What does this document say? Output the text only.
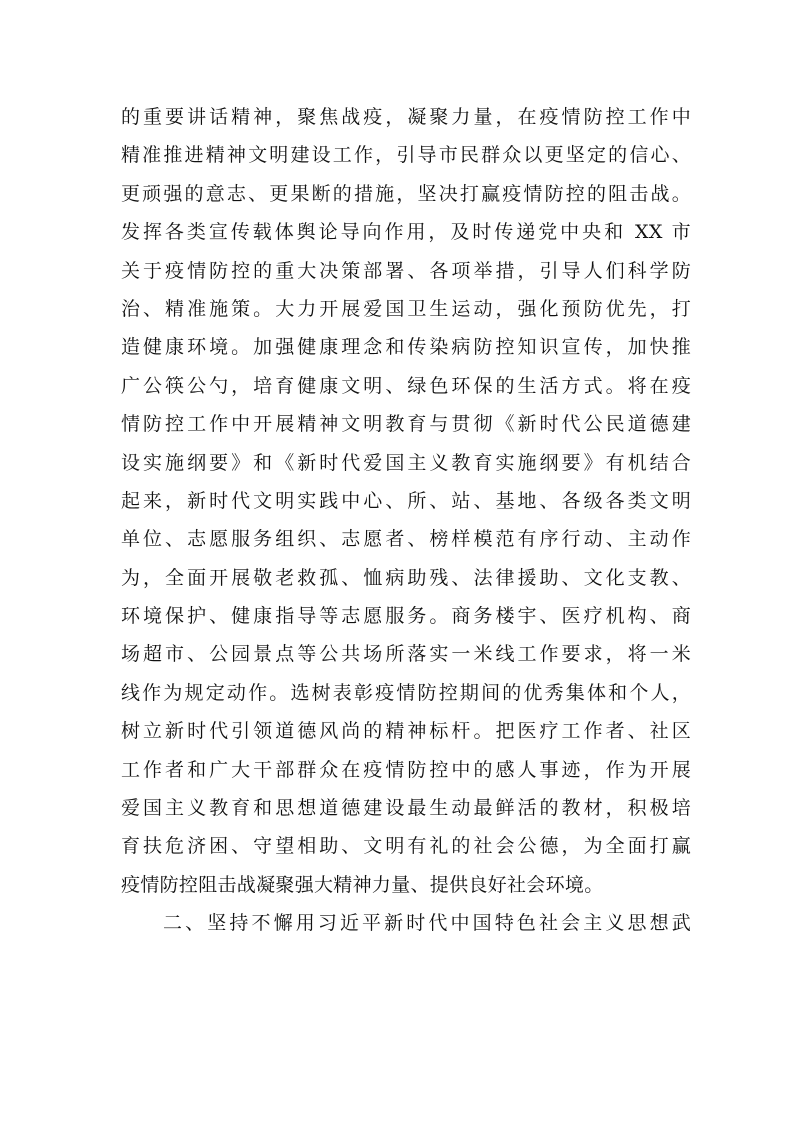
的重要讲话精神，聚焦战疫，凝聚力量，在疫情防控工作中
精准推进精神文明建设工作，引导市民群众以更坚定的信心、
更顽强的意志、更果断的措施，坚决打赢疫情防控的阻击战。
发挥各类宣传载体舆论导向作用，及时传递党中央和 XX 市
关于疫情防控的重大决策部署、各项举措，引导人们科学防
治、精准施策。大力开展爱国卫生运动，强化预防优先，打
造健康环境。加强健康理念和传染病防控知识宣传，加快推
广公筷公勺，培育健康文明、绿色环保的生活方式。将在疫
情防控工作中开展精神文明教育与贯彻《新时代公民道德建
设实施纲要》和《新时代爱国主义教育实施纲要》有机结合
起来，新时代文明实践中心、所、站、基地、各级各类文明
单位、志愿服务组织、志愿者、榜样模范有序行动、主动作
为，全面开展敬老救孤、恤病助残、法律援助、文化支教、
环境保护、健康指导等志愿服务。商务楼宇、医疗机构、商
场超市、公园景点等公共场所落实一米线工作要求，将一米
线作为规定动作。选树表彰疫情防控期间的优秀集体和个人，
树立新时代引领道德风尚的精神标杆。把医疗工作者、社区
工作者和广大干部群众在疫情防控中的感人事迹，作为开展
爱国主义教育和思想道德建设最生动最鲜活的教材，积极培
育扶危济困、守望相助、文明有礼的社会公德，为全面打赢
疫情防控阻击战凝聚强大精神力量、提供良好社会环境。
二、坚持不懈用习近平新时代中国特色社会主义思想武
